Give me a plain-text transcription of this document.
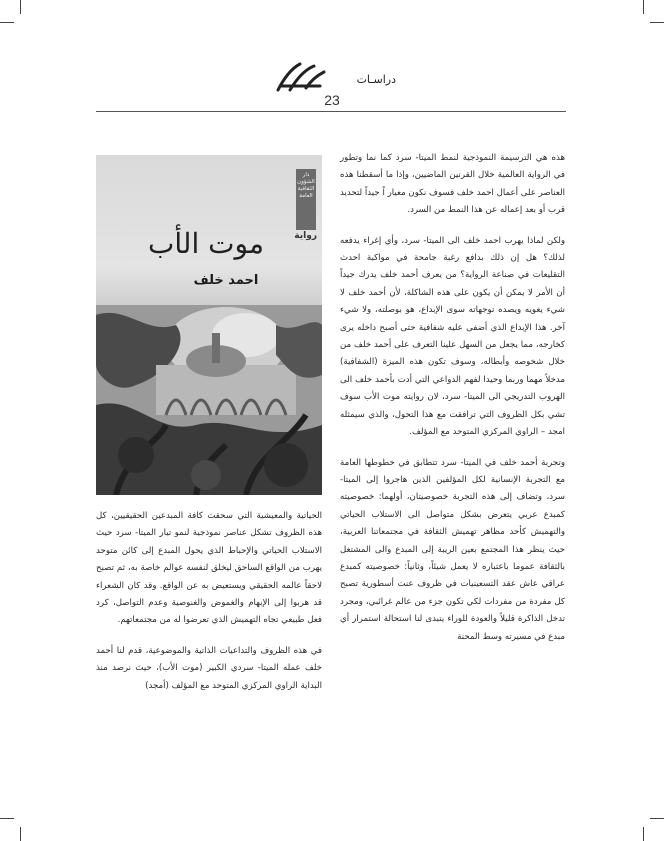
دراسـات
23

هذه هي الترسيمة النموذجية لنمط الميتا- سرد كما نما وتطور في الرواية العالمية خلال القرنين الماضيين، وإذا ما أسقطنا هذه العناصر على أعمال احمد خلف فسوف نكون معيار اً جيداً لتحديد قرب أو بعد إعماله عن هذا النمط من السرد.

ولكن لماذا يهرب احمد خلف الى الميتا- سرد، وأي إغراء يدفعه لذلك؟ هل إن ذلك بدافع رغبة جامحة في مواكبة احدث التقليعات في صناعة الرواية؟ من يعرف أحمد خلف يدرك جيداً أن الأمر لا يمكن أن يكون على هذه الشاكلة، لأن أحمد خلف لا شيء يغويه ويصده توجهاته سوى الإبداع، هو بوصلته، ولا شيء آخر. هذا الإبداع الذي أضفى عليه شفافية حتى أصبح داخله يرى كخارجه، مما يجعل من السهل علينا التعرف على أحمد خلف من خلال شخوصه وأبطاله، وسوف تكون هذه الميزة (الشفافية) مدخلاً مهما وربما وحيدا لفهم الدواعي التي أدت بأحمد خلف الى الهروب التدريجي الى الميتا- سرد، لان روايته موت الأب سوف تشي بكل الظروف التي ترافقت مع هذا التحول، والذي سيمثله امجد – الراوي المركزي المتوحد مع المؤلف.

وتجربة أحمد خلف في الميتا- سرد تتطابق في خطوطها العامة مع التجربة الإنسانية لكل المؤلفين الذين هاجروا إلى الميتا- سرد، وتضاف إلى هذه التجربة خصوصيتان، أولهما: خصوصيته كمبدع عربي يتعرض بشكل متواصل الى الاستلاب الحياتي والتهميش كأحد مظاهر تهميش الثقافة في مجتمعاتنا العربية، حيث ينظر هذا المجتمع بعين الريبة إلى المبدع والى المشتغل بالثقافة عموما باعتباره لا يعمل شيئاً، وثانياً: خصوصيته كمبدع عراقي عاش عقد التسعينيات في ظروف عنت أسطورية تصبح كل مفردة من مفردات لكي تكون جزء من عالم غرائبي، ومجرد تدخل الذاكرة قليلاً والعودة للوراء يتبدى لنا استحالة استمرار أي مبدع في مسيرته وسط المحنة

دار الشؤون الثقافية العامة
رواية
موت الأب
احمد خلف

الحياتية والمعيشية التي سحقت كافة المبدعين الحقيقيين، كل هذه الظروف تشكل عناصر نموذجية لنمو تيار الميتا- سرد حيث الاستلاب الحياتي والإحباط الذي يحول المبدع إلى كائن متوحد يهرب من الواقع الساحق ليخلق لنفسه عوالم خاصة به، ثم تصبح لاحقاً عالمه الحقيقي ويستعيض به عن الواقع. وقد كان الشعراء قد هربوا إلى الإبهام والغموض والغنوصية وعدم التواصل، كرد فعل طبيعي تجاه التهميش الذي تعرضوا له من مجتمعاتهم.

في هذه الظروف والتداعيات الذاتية والموضوعية، قدم لنا أحمد خلف عمله الميتا- سردي الكبير (موت الأب)، حيث نرصد منذ البداية الراوي المركزي المتوحد مع المؤلف (أمجد)
